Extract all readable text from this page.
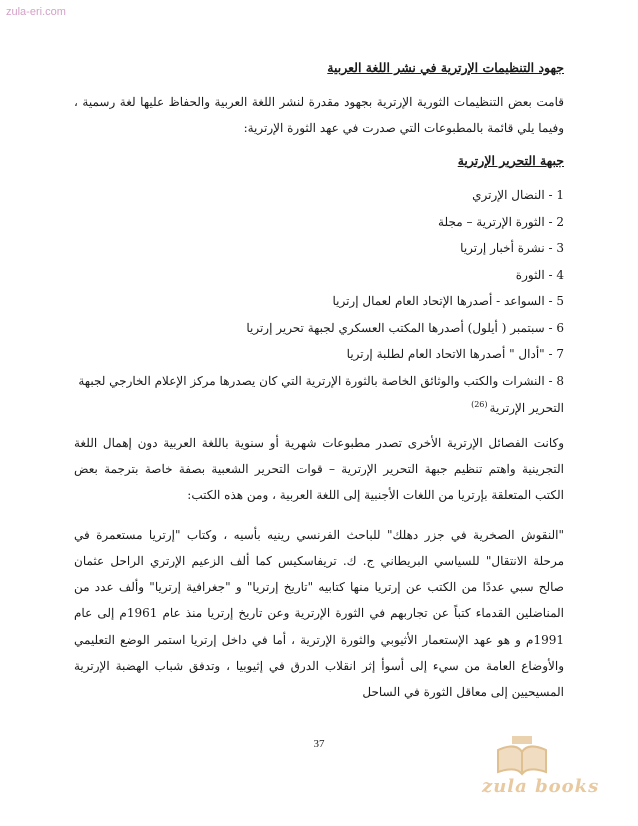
zula-eri.com
جهود التنظيمات الإرترية في نشر اللغة العربية

قامت بعض التنظيمات الثورية الإرترية بجهود مقدرة لنشر اللغة العربية والحفاظ عليها لغة رسمية ، وفيما يلي قائمة بالمطبوعات التي صدرت في عهد الثورة الإرترية:

جبهة التحرير الإرترية
1 - النضال الإرتري
2 - الثورة الإرترية – مجلة
3 - نشرة أخبار إرتريا
4 - الثورة
5 - السواعد - أصدرها الإتحاد العام لعمال إرتريا
6 - سبتمبر ( أيلول) أصدرها المكتب العسكري لجبهة تحرير إرتريا
7 - "أدال " أصدرها الاتحاد العام لطلبة إرتريا
8 - النشرات والكتب والوثائق الخاصة بالثورة الإرترية التي كان يصدرها مركز الإعلام الخارجي لجبهة التحرير الإرترية$^{(26)}$

وكانت الفصائل الإرترية الأخرى تصدر مطبوعات شهرية أو سنوية باللغة العربية دون إهمال اللغة التجرينية واهتم تنظيم جبهة التحرير الإرترية – قوات التحرير الشعبية بصفة خاصة بترجمة بعض الكتب المتعلقة بإرتريا من اللغات الأجنبية إلى اللغة العربية ، ومن هذه الكتب:

"النقوش الصخرية في جزر دهلك" للباحث الفرنسي رينيه بأسيه ، وكتاب "إرتريا مستعمرة في مرحلة الانتقال" للسياسي البريطاني ج. ك. تريفاسكيس كما ألف الزعيم الإرتري الراحل عثمان صالح سبي عددًا من الكتب عن إرتريا منها كتابيه "تاريخ إرتريا" و "جغرافية إرتريا" وألف عدد من المناضلين القدماء كتباً عن تجاربهم في الثورة الإرترية وعن تاريخ إرتريا منذ عام 1961م إلى عام 1991م و هو عهد الإستعمار الأثيوبي والثورة الإرترية ، أما في داخل إرتريا استمر الوضع التعليمي والأوضاع العامة من سيء إلى أسوأ إثر انقلاب الدرق في إثيوبيا ، وتدفق شباب الهضبة الإرترية المسيحيين إلى معاقل الثورة في الساحل

37
zula books
